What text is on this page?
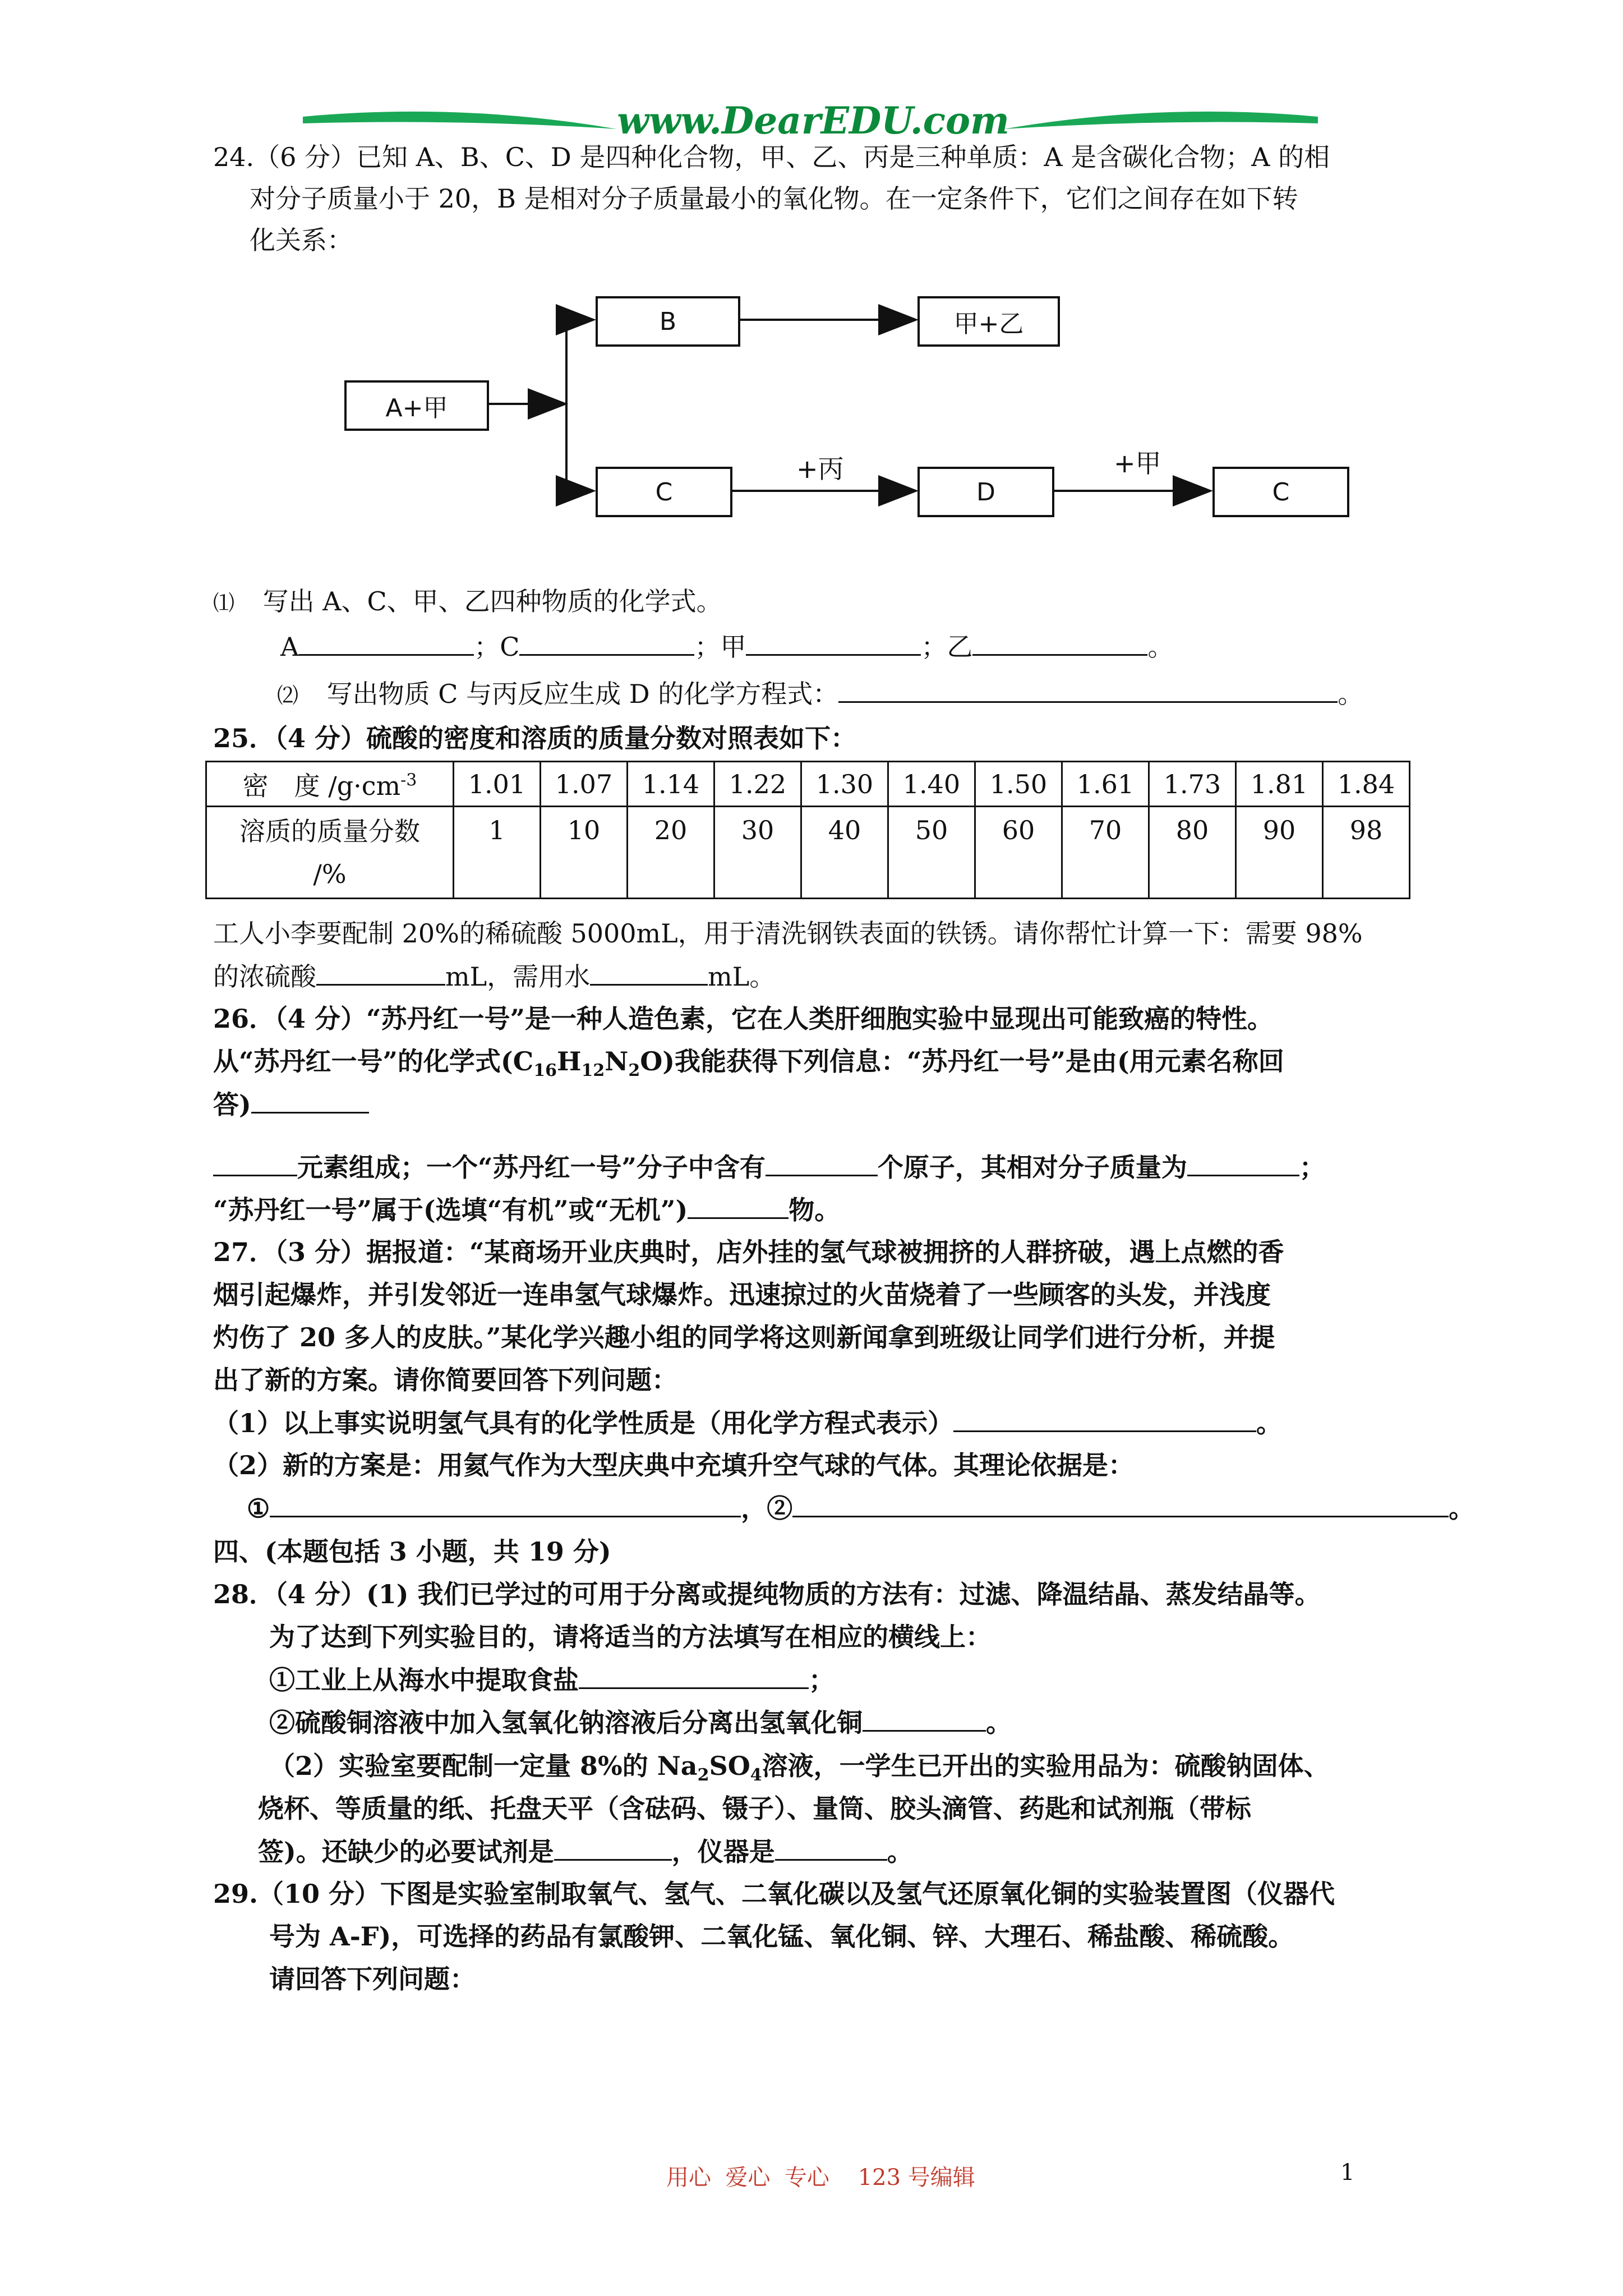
www.DearEDU.com
24.（6 分）已知 A、B、C、D 是四种化合物，甲、乙、丙是三种单质：A 是含碳化合物；A 的相
对分子质量小于 20，B 是相对分子质量最小的氧化物。在一定条件下，它们之间存在如下转
化关系：
A+甲
B	甲+乙
C	D	C
+丙	+甲
⑴ 写出 A、C、甲、乙四种物质的化学式。
A	；C	；甲	；乙	。
⑵ 写出物质 C 与丙反应生成 D 的化学方程式：	。
25．（4 分）硫酸的密度和溶质的质量分数对照表如下：
密　度 $/g\cdot cm^{-3}$	1.01	1.07	1.14	1.22	1.30	1.40	1.50	1.61	1.73	1.81	1.84
溶质的质量分数
/%	1	10	20	30	40	50	60	70	80	90	98
工人小李要配制 20%的稀硫酸 5000mL，用于清洗钢铁表面的铁锈。请你帮忙计算一下：需要 98%
的浓硫酸	mL，需用水	mL。
26．（4 分）“苏丹红一号”是一种人造色素，它在人类肝细胞实验中显现出可能致癌的特性。
从“苏丹红一号”的化学式$(C_{16}H_{12}N_2O)$我能获得下列信息：“苏丹红一号”是由(用元素名称回
答)
元素组成；一个“苏丹红一号”分子中含有	个原子，其相对分子质量为	；
“苏丹红一号”属于(选填“有机”或“无机”)	物。
27．（3 分）据报道：“某商场开业庆典时，店外挂的氢气球被拥挤的人群挤破，遇上点燃的香
烟引起爆炸，并引发邻近一连串氢气球爆炸。迅速掠过的火苗烧着了一些顾客的头发，并浅度
灼伤了 20 多人的皮肤。”某化学兴趣小组的同学将这则新闻拿到班级让同学们进行分析，并提
出了新的方案。请你简要回答下列问题：
（1）以上事实说明氢气具有的化学性质是（用化学方程式表示）	。
（2）新的方案是：用氦气作为大型庆典中充填升空气球的气体。其理论依据是：
①	，②	。
四、(本题包括 3 小题，共 19 分)
28．（4 分）(1) 我们已学过的可用于分离或提纯物质的方法有：过滤、降温结晶、蒸发结晶等。
为了达到下列实验目的，请将适当的方法填写在相应的横线上：
①工业上从海水中提取食盐	；
②硫酸铜溶液中加入氢氧化钠溶液后分离出氢氧化铜	。
（2）实验室要配制一定量 8%的 $Na_2SO_4$溶液，一学生已开出的实验用品为：硫酸钠固体、
烧杯、等质量的纸、托盘天平（含砝码、镊子）、量筒、胶头滴管、药匙和试剂瓶（带标
签)。还缺少的必要试剂是	，仪器是	。
29.（10 分）下图是实验室制取氧气、氢气、二氧化碳以及氢气还原氧化铜的实验装置图（仪器代
号为 A-F)，可选择的药品有氯酸钾、二氧化锰、氧化铜、锌、大理石、稀盐酸、稀硫酸。
请回答下列问题：
用心  爱心  专心    123 号编辑	1
